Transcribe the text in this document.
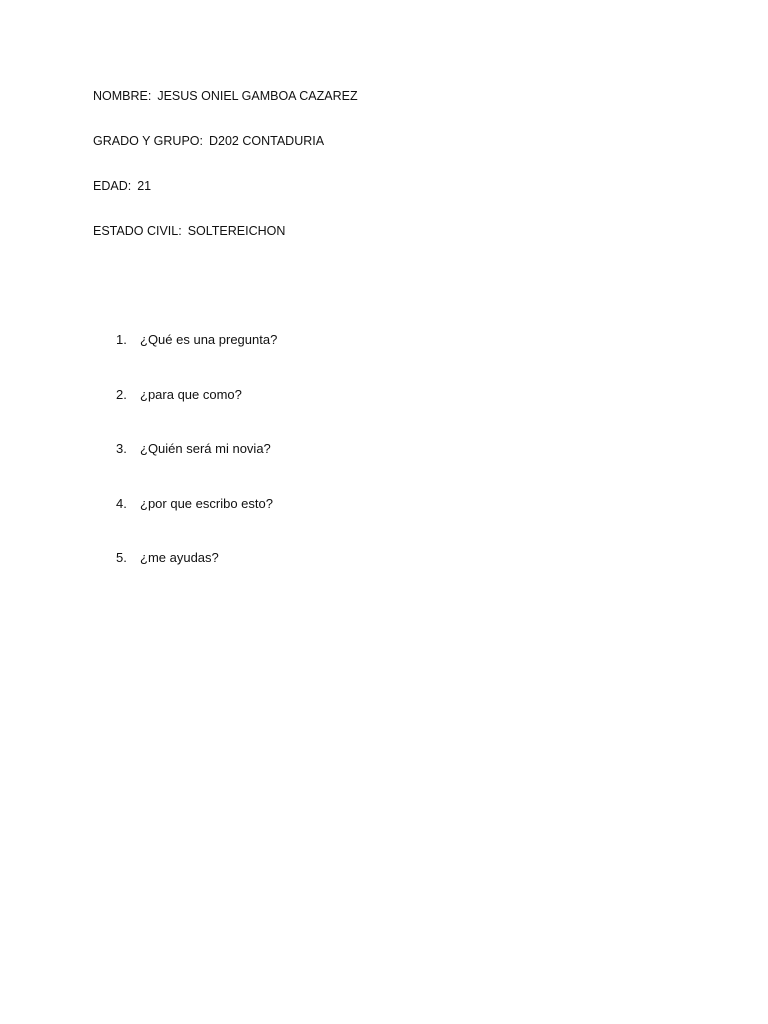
NOMBRE: JESUS ONIEL GAMBOA CAZAREZ
GRADO Y GRUPO: D202 CONTADURIA
EDAD: 21
ESTADO CIVIL: SOLTEREICHON
1. ¿Qué es una pregunta?
2. ¿para que como?
3. ¿Quién será mi novia?
4. ¿por que escribo esto?
5. ¿me ayudas?
